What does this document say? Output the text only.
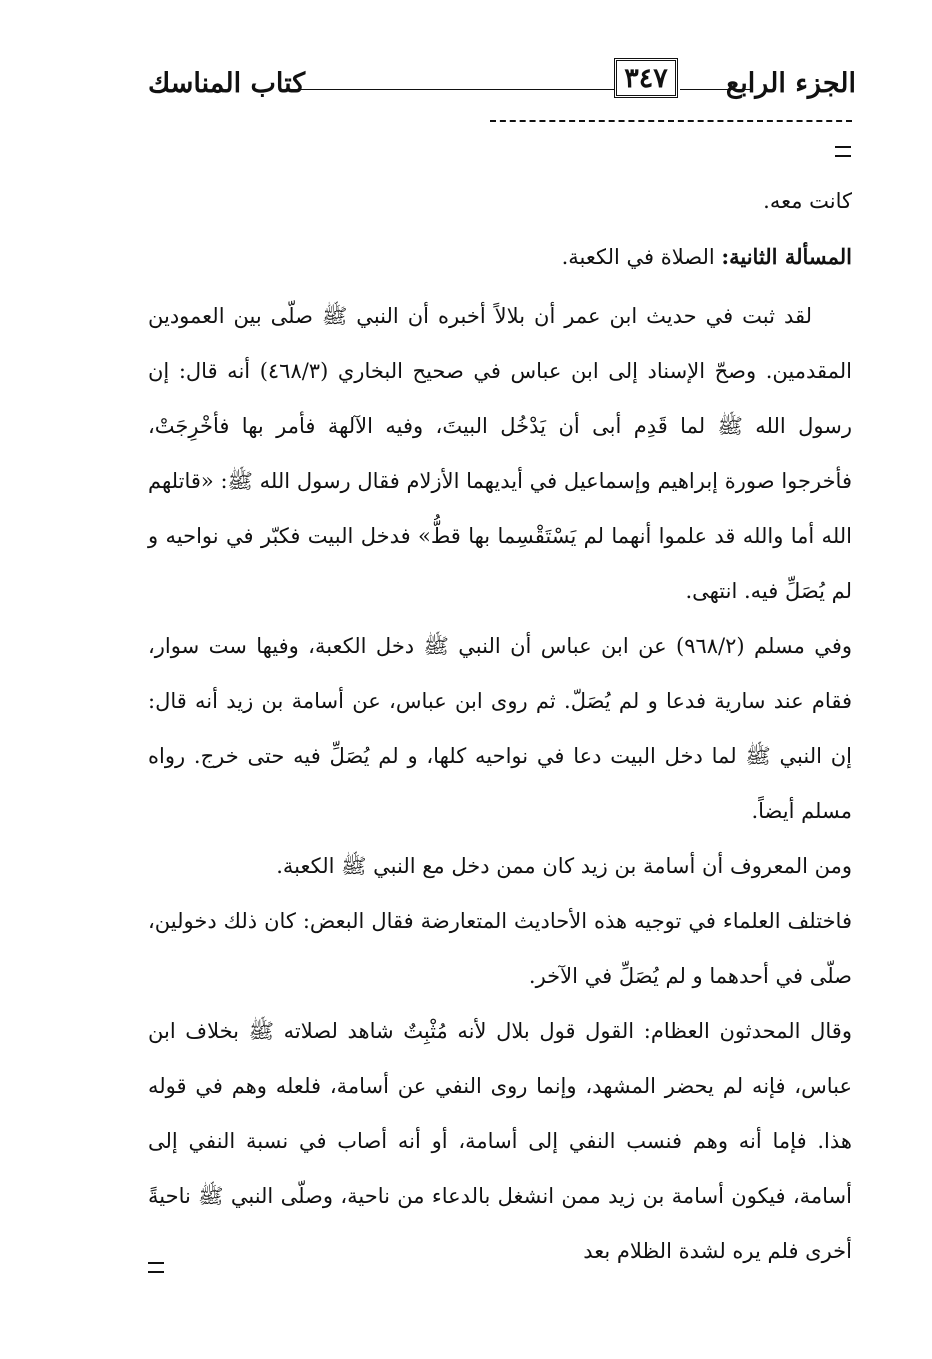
كتاب المناسك	٣٤٧	الجزء الرابع

كانت معه.

المسألة الثانية: الصلاة في الكعبة.

لقد ثبت في حديث ابن عمر أن بلالاً أخبره أن النبي ﷺ صلّى بين العمودين المقدمين. وصحّ الإسناد إلى ابن عباس في صحيح البخاري (٤٦٨/٣) أنه قال: إن رسول الله ﷺ لما قَدِم أبى أن يَدْخُل البيتَ، وفيه الآلهة فأمر بها فأخْرِجَتْ، فأخرجوا صورة إبراهيم وإسماعيل في أيديهما الأزلام فقال رسول الله ﷺ: «قاتلهم الله أما والله قد علموا أنهما لم يَسْتَقْسِما بها قطُّ» فدخل البيت فكبّر في نواحيه و لم يُصَلِّ فيه. انتهى.

وفي مسلم (٩٦٨/٢) عن ابن عباس أن النبي ﷺ دخل الكعبة، وفيها ست سوار، فقام عند سارية فدعا و لم يُصَلّ. ثم روى ابن عباس، عن أسامة بن زيد أنه قال: إن النبي ﷺ لما دخل البيت دعا في نواحيه كلها، و لم يُصَلِّ فيه حتى خرج. رواه مسلم أيضاً.

ومن المعروف أن أسامة بن زيد كان ممن دخل مع النبي ﷺ الكعبة.

فاختلف العلماء في توجيه هذه الأحاديث المتعارضة فقال البعض: كان ذلك دخولين، صلّى في أحدهما و لم يُصَلِّ في الآخر.

وقال المحدثون العظام: القول قول بلال لأنه مُثْبِتٌ شاهد لصلاته ﷺ بخلاف ابن عباس، فإنه لم يحضر المشهد، وإنما روى النفي عن أسامة، فلعله وهم في قوله هذا. فإما أنه وهم فنسب النفي إلى أسامة، أو أنه أصاب في نسبة النفي إلى أسامة، فيكون أسامة بن زيد ممن انشغل بالدعاء من ناحية، وصلّى النبي ﷺ ناحيةً أخرى فلم يره لشدة الظلام بعد
